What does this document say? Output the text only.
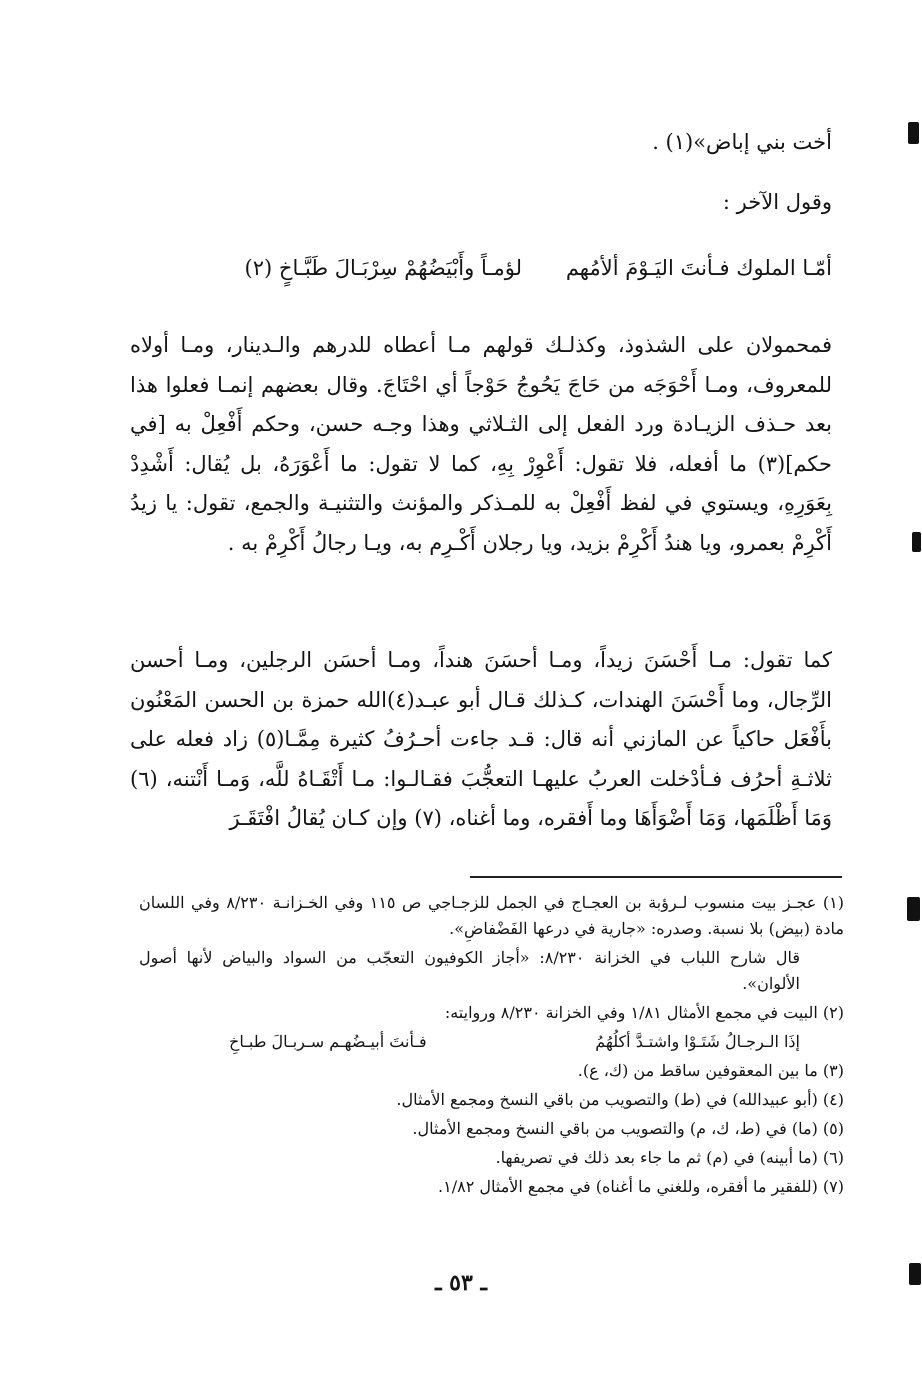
أخت بني إباض»(١) .
وقول الآخر :
أمّـا الملوك فـأنتَ اليَـوْمَ ألأمُهم
لؤمـاً وأَبْيَضُهُمْ سِرْبَـالَ طَبَّـاخٍ (٢)
فمحمولان على الشذوذ، وكذلـك قولهم مـا أعطاه للدرهم والـدينار، ومـا أولاه للمعروف، ومـا أَحْوَجَه من حَاجَ يَحُوجُ حَوْجاً أي احْتَاجَ. وقال بعضهم إنمـا فعلوا هذا بعد حـذف الزيـادة ورد الفعل إلى الثـلاثي وهذا وجـه حسن، وحكم أَفْعِلْ به [في حكم](٣) ما أفعله، فلا تقول: أَعْوِرْ بِهِ، كما لا تقول: ما أَعْوَرَهُ، بل يُقال: أَشْدِدْ بِعَوَرِهِ، ويستوي في لفظ أَفْعِلْ به للمـذكر والمؤنث والتثنيـة والجمع، تقول: يا زيدُ أَكْرِمْ بعمرو، ويا هندُ أَكْرِمْ بزيد، ويا رجلان أَكْـرِم به، ويـا رجالُ أَكْرِمْ به .
كما تقول: مـا أَحْسَنَ زيداً، ومـا أحسَنَ هنداً، ومـا أحسَن الرجلين، ومـا أحسن الرِّجال، وما أَحْسَنَ الهندات، كـذلك قـال أبو عبـد(٤)الله حمزة بن الحسن المَعْنُون بأَفْعَل حاكياً عن المازني أنه قال: قـد جاءت أحـرُفُ كثيرة مِمَّـا(٥) زاد فعله على ثلاثـةِ أحرُف فـأدْخلت العربُ عليهـا التعجُّبَ فقـالـوا: مـا أَتْقَـاهُ للَّه، وَمـا أَنْتنه، (٦) وَمَا أَظْلَمَها، وَمَا أَضْوَأَهَا وما أَفقره، وما أغناه، (٧) وإن كـان يُقالُ افْتَقَـرَ
(١) عجـز بيت منسوب لـرؤبة بن العجـاج في الجمل للزجـاجي ص ١١٥ وفي الخـزانـة ٨/٢٣٠ وفي اللسان مادة (بيض) بلا نسبة. وصدره: «جارية في درعها الفَضْفاضِ».
قال شارح اللباب في الخزانة ٨/٢٣٠: «أجاز الكوفيون التعجّب من السواد والبياض لأنها أصول الألوان».
(٢) البيت في مجمع الأمثال ١/٨١ وفي الخزانة ٨/٢٣٠ وروايته:
إذَا الـرجـالُ شَتَـوْا واشتـدَّ أكلُهُمُ
فـأنتَ أبيـضُهـم سـربـالَ طبـاخِ
(٣) ما بين المعقوفين ساقط من (ك، ع).
(٤) (أبو عبيدالله) في (ط) والتصويب من باقي النسخ ومجمع الأمثال.
(٥) (ما) في (ط، ك، م) والتصويب من باقي النسخ ومجمع الأمثال.
(٦) (ما أبينه) في (م) ثم ما جاء بعد ذلك في تصريفها.
(٧) (للفقير ما أفقره، وللغني ما أغناه) في مجمع الأمثال ١/٨٢.
ـ ٥٣ ـ
